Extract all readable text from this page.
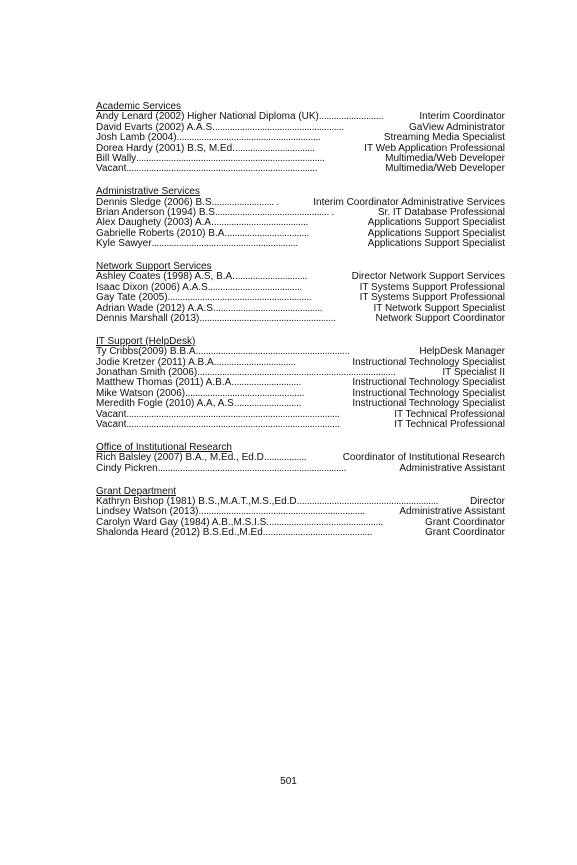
Academic Services
Andy Lenard (2002) Higher National Diploma (UK) ..........................	Interim Coordinator
David Evarts (2002) A.A.S. ....................................................	GaView Administrator
Josh Lamb (2004) ..........................................................	Streaming Media Specialist
Dorea Hardy (2001) B.S, M.Ed.. ...............................	IT Web Application Professional
Bill Wally ............................................................................	Multimedia/Web Developer
Vacant .............................................................................	Multimedia/Web Developer
Administrative Services
Dennis Sledge (2006) B.S. ........................ .	Interim Coordinator Administrative Services
Brian Anderson (1994) B.S .............................................. .	Sr. IT Database Professional
Alex Daughety (2003) A.A. ......................................	Applications Support Specialist
Gabrielle Roberts (2010) B.A. .................................	Applications Support Specialist
Kyle Sawyer ...........................................................	Applications Support Specialist
Network Support Services
Ashley Coates (1998) A.S, B.A.. ............................	Director Network Support Services
Isaac Dixon (2006) A.A.S ......................................	IT Systems Support Professional
Gay Tate (2005) ..........................................................	IT Systems Support Professional
Adrian Wade (2012) A.A.S. ...........................................	IT Network Support Specialist
Dennis Marshall (2013) .......................................................	Network Support Coordinator
IT Support (HelpDesk)
Ty Cribbs(2009) B.B.A. .............................................................	HelpDesk Manager
Jodie Kretzer (2011) A.B.A. ................................	Instructional Technology Specialist
Jonathan Smith (2006) ................................................................................	IT Specialist II
Matthew Thomas (2011) A.B.A. ...........................	Instructional Technology Specialist
Mike Watson (2006) ................................................	Instructional Technology Specialist
Meredith Fogle (2010) A.A, A.S. ..........................	Instructional Technology Specialist
Vacant ......................................................................................	IT Technical Professional
Vacant ......................................................................................	IT Technical Professional
Office of Institutional Research
Rich Balsley (2007) B.A., M.Ed., Ed.D. ................	Coordinator of Institutional Research
Cindy Pickren ............................................................................	Administrative Assistant
Grant Department
Kathryn Bishop (1981) B.S.,M.A.T.,M.S.,Ed.D. ........................................................	Director
Lindsey Watson (2013). ..................................................................	Administrative Assistant
Carolyn Ward Gay (1984) A.B.,M.S.I.S. ..............................................	Grant Coordinator
Shalonda Heard (2012) B.S.Ed.,M.Ed. ...........................................	Grant Coordinator
501
